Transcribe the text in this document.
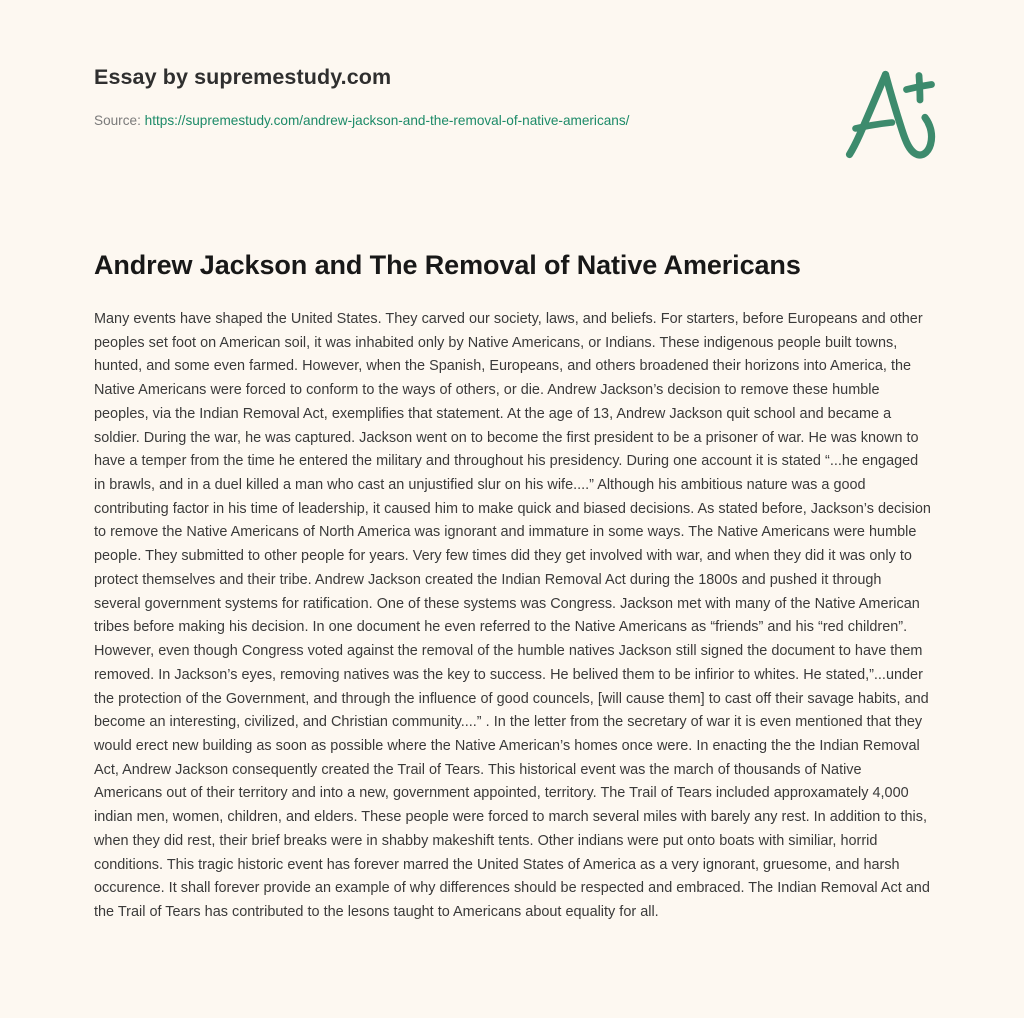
Essay by supremestudy.com
Source: https://supremestudy.com/andrew-jackson-and-the-removal-of-native-americans/
Andrew Jackson and The Removal of Native Americans

Many events have shaped the United States. They carved our society, laws, and beliefs. For starters, before Europeans and other peoples set foot on American soil, it was inhabited only by Native Americans, or Indians. These indigenous people built towns, hunted, and some even farmed. However, when the Spanish, Europeans, and others broadened their horizons into America, the Native Americans were forced to conform to the ways of others, or die. Andrew Jackson’s decision to remove these humble peoples, via the Indian Removal Act, exemplifies that statement. At the age of 13, Andrew Jackson quit school and became a soldier. During the war, he was captured. Jackson went on to become the first president to be a prisoner of war. He was known to have a temper from the time he entered the military and throughout his presidency. During one account it is stated “...he engaged in brawls, and in a duel killed a man who cast an unjustified slur on his wife....” Although his ambitious nature was a good contributing factor in his time of leadership, it caused him to make quick and biased decisions. As stated before, Jackson’s decision to remove the Native Americans of North America was ignorant and immature in some ways. The Native Americans were humble people. They submitted to other people for years. Very few times did they get involved with war, and when they did it was only to protect themselves and their tribe. Andrew Jackson created the Indian Removal Act during the 1800s and pushed it through several government systems for ratification. One of these systems was Congress. Jackson met with many of the Native American tribes before making his decision. In one document he even referred to the Native Americans as “friends” and his “red children”. However, even though Congress voted against the removal of the humble natives Jackson still signed the document to have them removed. In Jackson’s eyes, removing natives was the key to success. He belived them to be infirior to whites. He stated,”...under the protection of the Government, and through the influence of good councels, [will cause them] to cast off their savage habits, and become an interesting, civilized, and Christian community....” . In the letter from the secretary of war it is even mentioned that they would erect new building as soon as possible where the Native American’s homes once were. In enacting the the Indian Removal Act, Andrew Jackson consequently created the Trail of Tears. This historical event was the march of thousands of Native Americans out of their territory and into a new, government appointed, territory. The Trail of Tears included approxamately 4,000 indian men, women, children, and elders. These people were forced to march several miles with barely any rest. In addition to this, when they did rest, their brief breaks were in shabby makeshift tents. Other indians were put onto boats with similiar, horrid conditions. This tragic historic event has forever marred the United States of America as a very ignorant, gruesome, and harsh occurence. It shall forever provide an example of why differences should be respected and embraced. The Indian Removal Act and the Trail of Tears has contributed to the lesons taught to Americans about equality for all.
